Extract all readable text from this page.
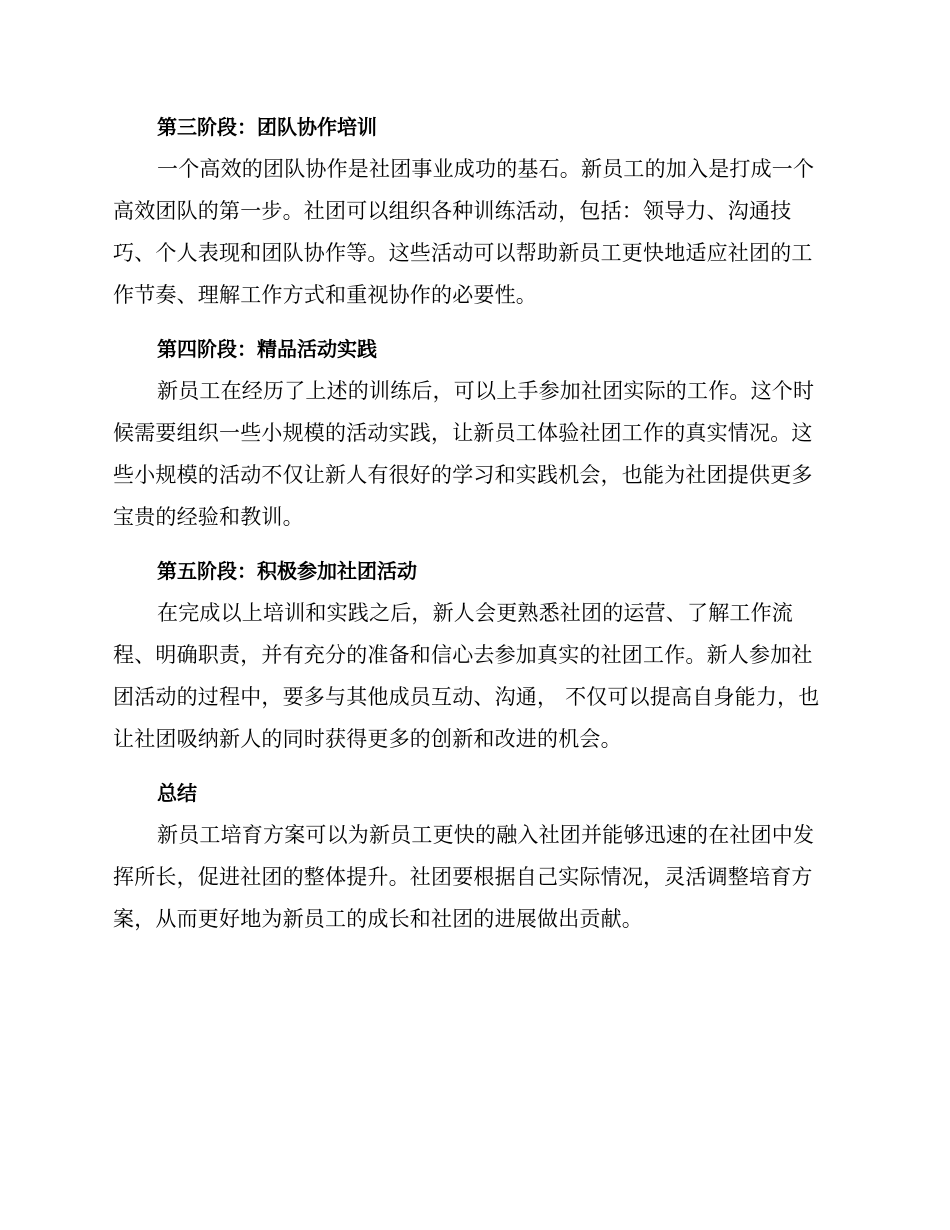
第三阶段：团队协作培训

一个高效的团队协作是社团事业成功的基石。新员工的加入是打成一个
高效团队的第一步。社团可以组织各种训练活动，包括：领导力、沟通技
巧、个人表现和团队协作等。这些活动可以帮助新员工更快地适应社团的工
作节奏、理解工作方式和重视协作的必要性。

第四阶段：精品活动实践

新员工在经历了上述的训练后，可以上手参加社团实际的工作。这个时
候需要组织一些小规模的活动实践，让新员工体验社团工作的真实情况。这
些小规模的活动不仅让新人有很好的学习和实践机会，也能为社团提供更多
宝贵的经验和教训。

第五阶段：积极参加社团活动

在完成以上培训和实践之后，新人会更熟悉社团的运营、了解工作流
程、明确职责，并有充分的准备和信心去参加真实的社团工作。新人参加社
团活动的过程中，要多与其他成员互动、沟通， 不仅可以提高自身能力，也
让社团吸纳新人的同时获得更多的创新和改进的机会。

总结

新员工培育方案可以为新员工更快的融入社团并能够迅速的在社团中发
挥所长，促进社团的整体提升。社团要根据自己实际情况，灵活调整培育方
案，从而更好地为新员工的成长和社团的进展做出贡献。
